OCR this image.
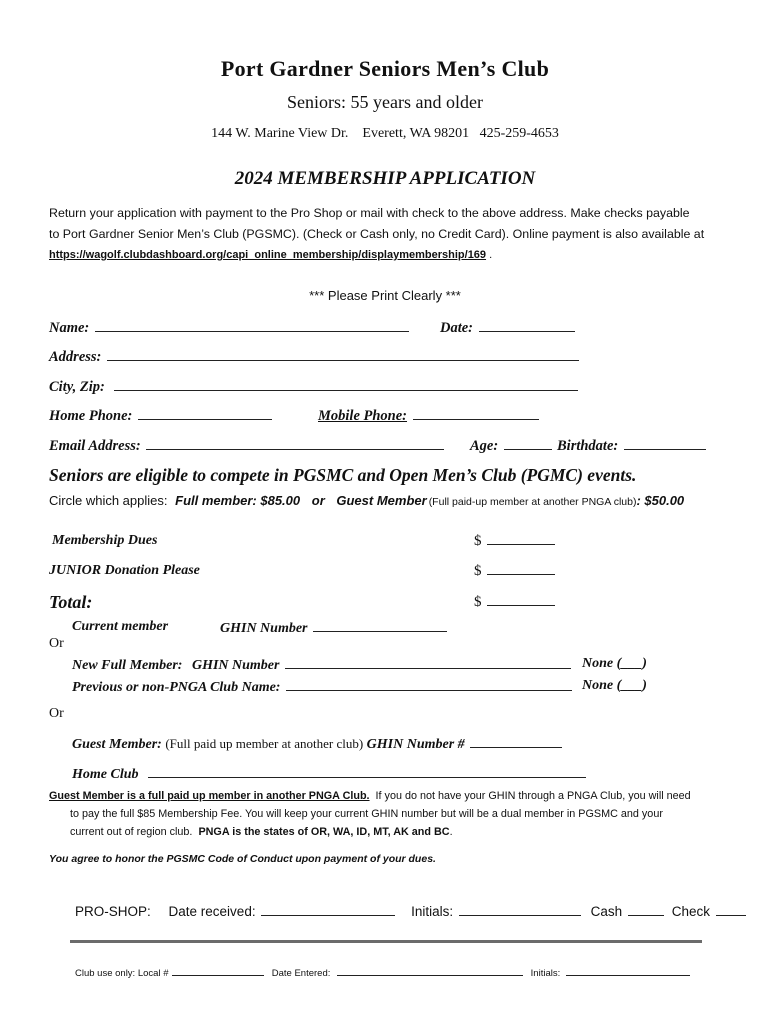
Port Gardner Seniors Men’s Club
Seniors: 55 years and older
144 W. Marine View Dr.    Everett, WA 98201   425-259-4653
2024 MEMBERSHIP APPLICATION
Return your application with payment to the Pro Shop or mail with check to the above address. Make checks payable
to Port Gardner Senior Men’s Club (PGSMC). (Check or Cash only, no Credit Card). Online payment is also available at
https://wagolf.clubdashboard.org/capi_online_membership/displaymembership/169 .
*** Please Print Clearly ***
Name:	Date:
Address:
City, Zip:
Home Phone:	Mobile Phone:
Email Address:	Age:	Birthdate:
Seniors are eligible to compete in PGSMC and Open Men’s Club (PGMC) events.
Circle which applies: Full member: $85.00 or Guest Member (Full paid-up member at another PNGA club): $50.00
Membership Dues	$
JUNIOR Donation Please	$
Total:	$
Current member	GHIN Number
Or
New Full Member: GHIN Number	None (___)
Previous or non-PNGA Club Name:	None (___)
Or
Guest Member: (Full paid up member at another club) GHIN Number #
Home Club
Guest Member is a full paid up member in another PNGA Club.  If you do not have your GHIN through a PNGA Club, you will need
to pay the full $85 Membership Fee. You will keep your current GHIN number but will be a dual member in PGSMC and your
current out of region club.  PNGA is the states of OR, WA, ID, MT, AK and BC.
You agree to honor the PGSMC Code of Conduct upon payment of your dues.
PRO-SHOP: Date received:	Initials:	Cash	Check
Club use only: Local #	Date Entered:	Initials:
